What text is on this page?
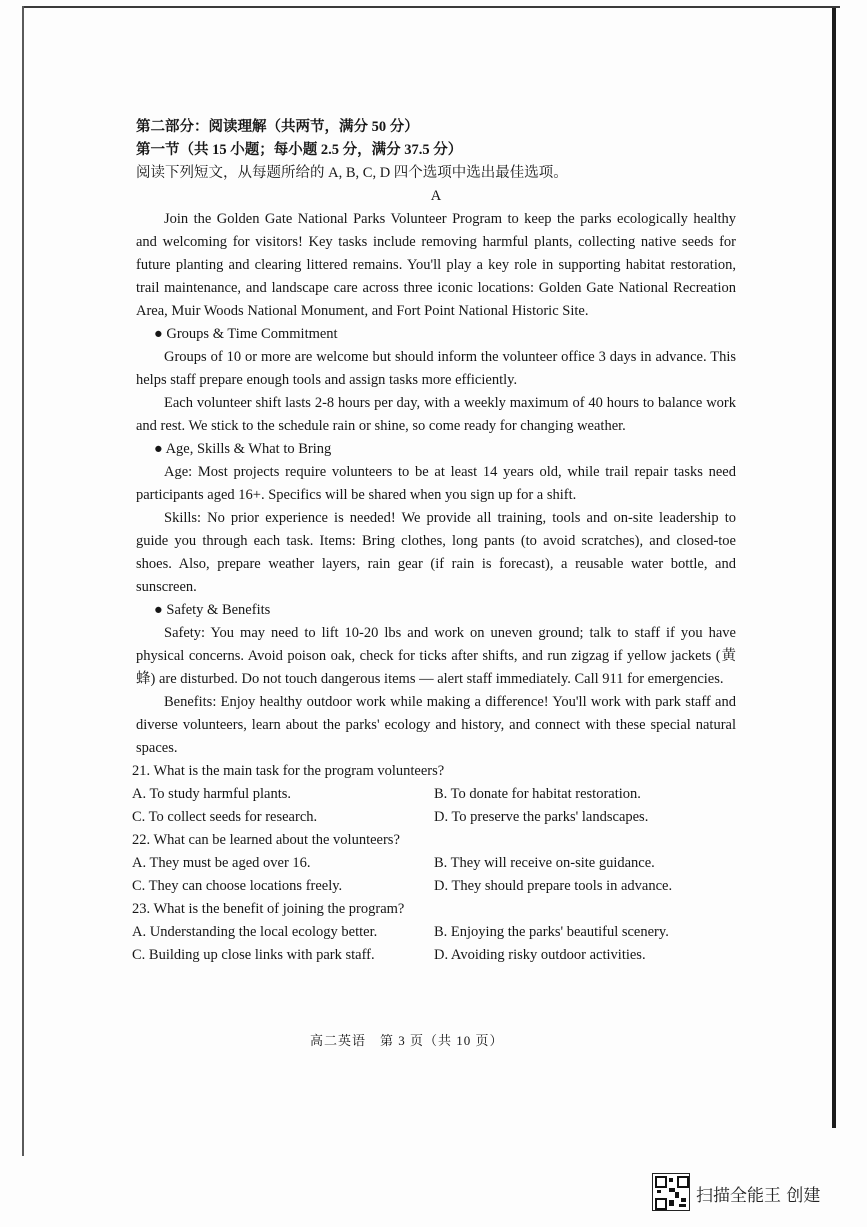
第二部分：阅读理解（共两节，满分 50 分）
第一节（共 15 小题；每小题 2.5 分，满分 37.5 分）
阅读下列短文，从每题所给的 A, B, C, D 四个选项中选出最佳选项。
A
Join the Golden Gate National Parks Volunteer Program to keep the parks ecologically healthy and welcoming for visitors! Key tasks include removing harmful plants, collecting native seeds for future planting and clearing littered remains. You'll play a key role in supporting habitat restoration, trail maintenance, and landscape care across three iconic locations: Golden Gate National Recreation Area, Muir Woods National Monument, and Fort Point National Historic Site.
● Groups & Time Commitment
Groups of 10 or more are welcome but should inform the volunteer office 3 days in advance. This helps staff prepare enough tools and assign tasks more efficiently.
Each volunteer shift lasts 2-8 hours per day, with a weekly maximum of 40 hours to balance work and rest. We stick to the schedule rain or shine, so come ready for changing weather.
● Age, Skills & What to Bring
Age: Most projects require volunteers to be at least 14 years old, while trail repair tasks need participants aged 16+. Specifics will be shared when you sign up for a shift.
Skills: No prior experience is needed! We provide all training, tools and on-site leadership to guide you through each task. Items: Bring clothes, long pants (to avoid scratches), and closed-toe shoes. Also, prepare weather layers, rain gear (if rain is forecast), a reusable water bottle, and sunscreen.
● Safety & Benefits
Safety: You may need to lift 10-20 lbs and work on uneven ground; talk to staff if you have physical concerns. Avoid poison oak, check for ticks after shifts, and run zigzag if yellow jackets (黄蜂) are disturbed. Do not touch dangerous items — alert staff immediately. Call 911 for emergencies.
Benefits: Enjoy healthy outdoor work while making a difference! You'll work with park staff and diverse volunteers, learn about the parks' ecology and history, and connect with these special natural spaces.
21. What is the main task for the program volunteers?
A. To study harmful plants.	B. To donate for habitat restoration.
C. To collect seeds for research.	D. To preserve the parks' landscapes.
22. What can be learned about the volunteers?
A. They must be aged over 16.	B. They will receive on-site guidance.
C. They can choose locations freely.	D. They should prepare tools in advance.
23. What is the benefit of joining the program?
A. Understanding the local ecology better.	B. Enjoying the parks' beautiful scenery.
C. Building up close links with park staff.	D. Avoiding risky outdoor activities.
高二英语　第 3 页（共 10 页）
扫描全能王 创建
